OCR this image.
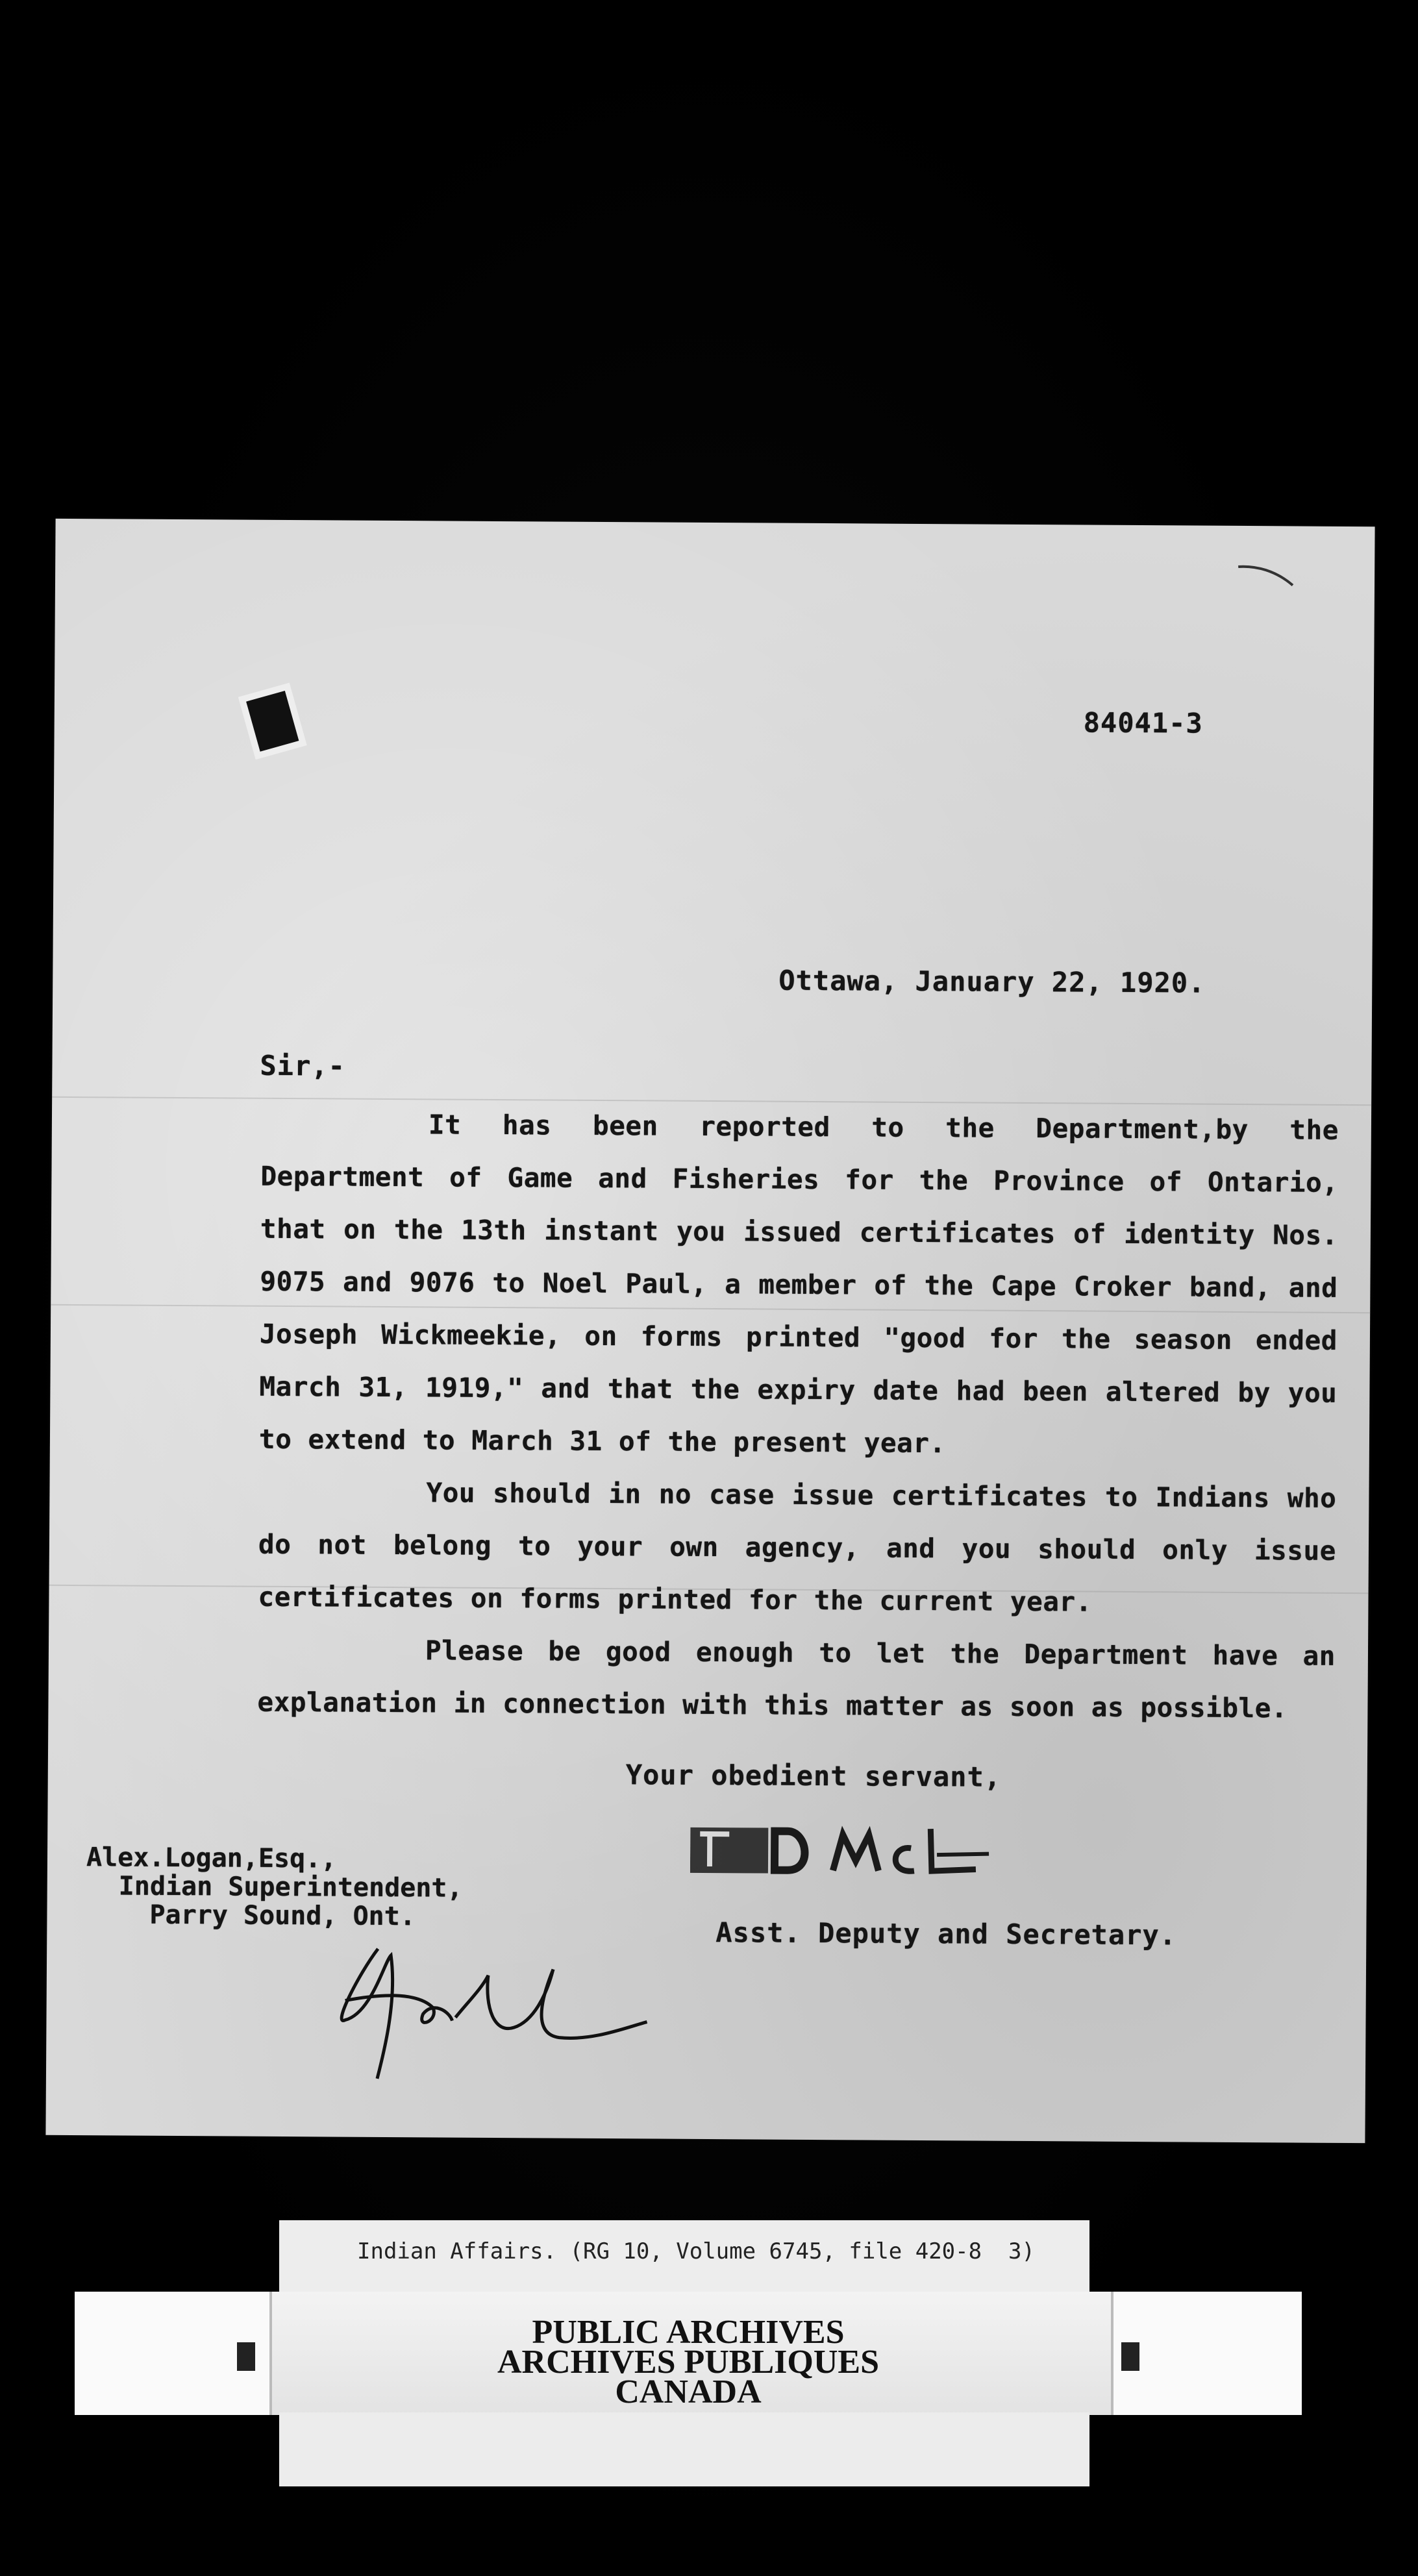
84041-3
Ottawa, January 22, 1920.
Sir,-

It has been reported to the Department,by the Department of Game and Fisheries for the Province of Ontario, that on the 13th instant you issued certificates of identity Nos. 9075 and 9076 to Noel Paul, a member of the Cape Croker band, and Joseph Wickmeekie, on forms printed "good for the season ended March 31, 1919," and that the expiry date had been altered by you to extend to March 31 of the present year.

You should in no case issue certificates to Indians who do not belong to your own agency, and you should only issue certificates on forms printed for the current year.

Please be good enough to let the Department have an explanation in connection with this matter as soon as possible.

Your obedient servant,
Asst. Deputy and Secretary.
Alex.Logan,Esq.,
Indian Superintendent,
Parry Sound, Ont.
Indian Affairs. (RG 10, Volume 6745, file 420-8  3)
PUBLIC ARCHIVES
ARCHIVES PUBLIQUES
CANADA
